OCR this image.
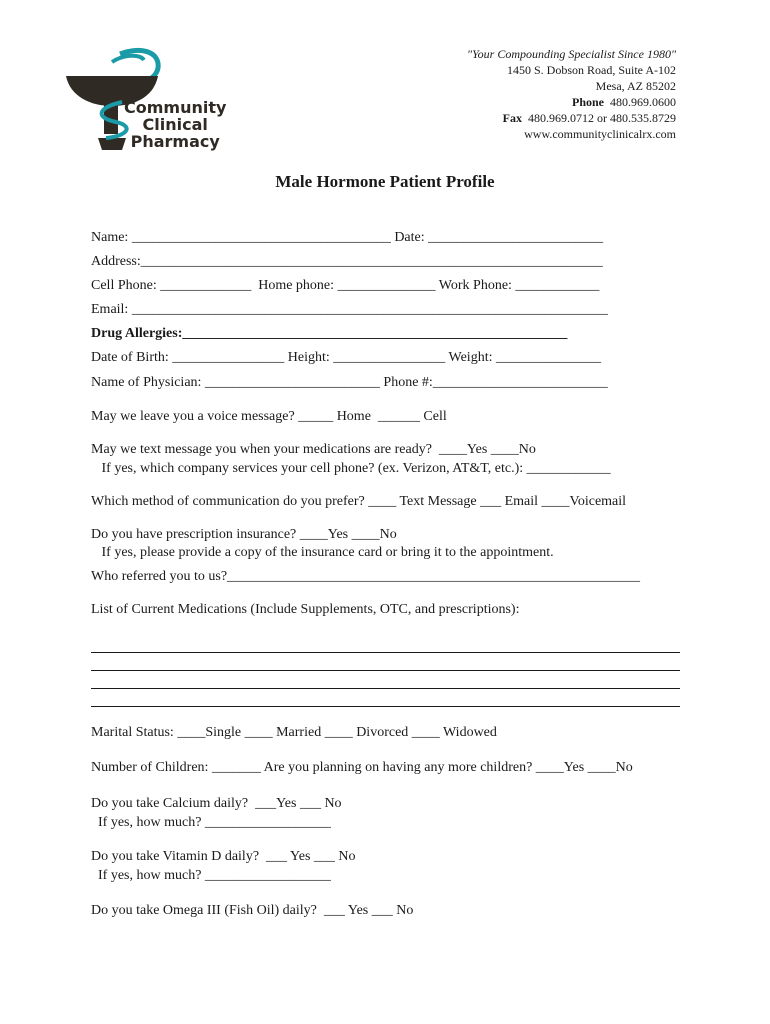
Community
Clinical
Pharmacy
"Your Compounding Specialist Since 1980"
1450 S. Dobson Road, Suite A-102
Mesa, AZ 85202
Phone 480.969.0600
Fax 480.969.0712 or 480.535.8729
www.communityclinicalrx.com
Male Hormone Patient Profile
Name: _____________________________________ Date: _________________________
Address:__________________________________________________________________
Cell Phone: _____________  Home phone: ______________ Work Phone: ____________
Email: ____________________________________________________________________
Drug Allergies:_______________________________________________________
Date of Birth: ________________ Height: ________________ Weight: _______________
Name of Physician: _________________________ Phone #:_________________________
May we leave you a voice message? _____ Home  ______ Cell
May we text message you when your medications are ready?  ____Yes ____No
If yes, which company services your cell phone? (ex. Verizon, AT&T, etc.): ____________
Which method of communication do you prefer? ____ Text Message ___ Email ____Voicemail
Do you have prescription insurance? ____Yes ____No
If yes, please provide a copy of the insurance card or bring it to the appointment.
Who referred you to us?___________________________________________________________
List of Current Medications (Include Supplements, OTC, and prescriptions):
Marital Status: ____Single ____ Married ____ Divorced ____ Widowed
Number of Children: _______ Are you planning on having any more children? ____Yes ____No
Do you take Calcium daily?  ___Yes ___ No
If yes, how much? __________________
Do you take Vitamin D daily?  ___ Yes ___ No
If yes, how much? __________________
Do you take Omega III (Fish Oil) daily?  ___ Yes ___ No
